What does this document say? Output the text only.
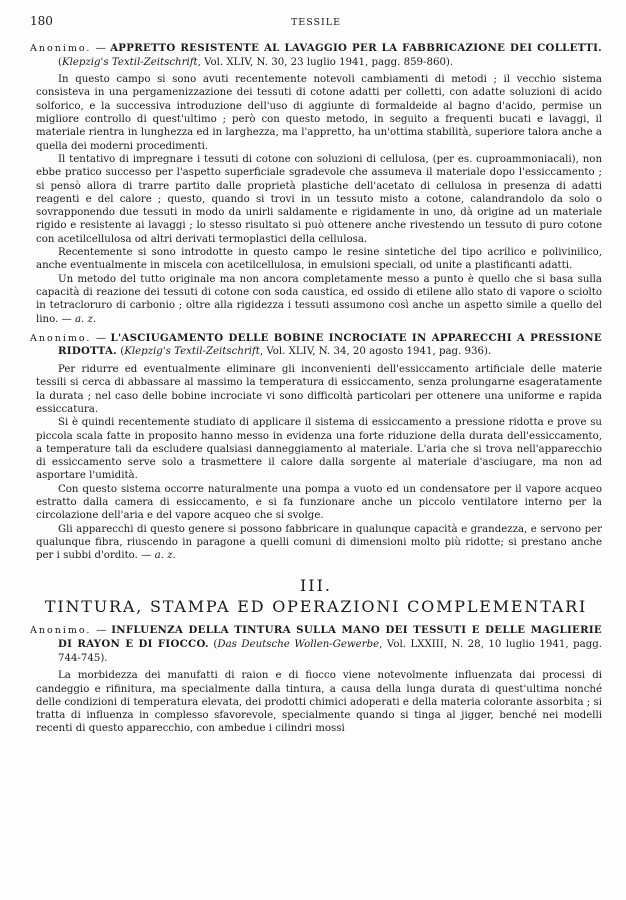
180	TESSILE
Anonimo. — APPRETTO RESISTENTE AL LAVAGGIO PER LA FABBRICAZIONE DEI COLLETTI. (Klepzig's Textil-Zeitschrift, Vol. XLIV, N. 30, 23 luglio 1941, pagg. 859-860).

In questo campo si sono avuti recentemente notevoli cambiamenti di metodi ; il vecchio sistema consisteva in una pergamenizzazione dei tessuti di cotone adatti per colletti, con adatte soluzioni di acido solforico, e la successiva introduzione dell'uso di aggiunte di formaldeide al bagno d'acido, permise un migliore controllo di quest'ultimo ; però con questo metodo, in seguito a frequenti bucati e lavaggi, il materiale rientra in lunghezza ed in larghezza, ma l'appretto, ha un'ottima stabilità, superiore talora anche a quella dei moderni procedimenti.

Il tentativo di impregnare i tessuti di cotone con soluzioni di cellulosa, (per es. cuproammoniacali), non ebbe pratico successo per l'aspetto superficiale sgradevole che assumeva il materiale dopo l'essiccamento ; si pensò allora di trarre partito dalle proprietà plastiche dell'acetato di cellulosa in presenza di adatti reagenti e del calore ; questo, quando si trovi in un tessuto misto a cotone, calandrandolo da solo o sovrapponendo due tessuti in modo da unirli saldamente e rigidamente in uno, dà origine ad un materiale rigido e resistente ai lavaggi ; lo stesso risultato si può ottenere anche rivestendo un tessuto di puro cotone con acetilcellulosa od altri derivati termoplastici della cellulosa.

Recentemente si sono introdotte in questo campo le resine sintetiche del tipo acrilico e polivinilico, anche eventualmente in miscela con acetilcellulosa, in emulsioni speciali, od unite a plastificanti adatti.

Un metodo del tutto originale ma non ancora completamente messo a punto è quello che si basa sulla capacità di reazione dei tessuti di cotone con soda caustica, ed ossido di etilene allo stato di vapore o sciolto in tetracloruro di carbonio ; oltre alla rigidezza i tessuti assumono così anche un aspetto simile a quello del lino. — a. z.

Anonimo. — L'ASCIUGAMENTO DELLE BOBINE INCROCIATE IN APPARECCHI A PRESSIONE RIDOTTA. (Klepzig's Textil-Zeitschrift, Vol. XLIV, N. 34, 20 agosto 1941, pag. 936).

Per ridurre ed eventualmente eliminare gli inconvenienti dell'essiccamento artificiale delle materie tessili si cerca di abbassare al massimo la temperatura di essiccamento, senza prolungarne esageratamente la durata ; nel caso delle bobine incrociate vi sono difficoltà particolari per ottenere una uniforme e rapida essiccatura.

Si è quindi recentemente studiato di applicare il sistema di essiccamento a pressione ridotta e prove su piccola scala fatte in proposito hanno messo in evidenza una forte riduzione della durata dell'essiccamento, a temperature tali da escludere qualsiasi danneggiamento al materiale. L'aria che si trova nell'apparecchio di essiccamento serve solo a trasmettere il calore dalla sorgente al materiale d'asciugare, ma non ad asportare l'umidità.

Con questo sistema occorre naturalmente una pompa a vuoto ed un condensatore per il vapore acqueo estratto dalla camera di essiccamento, e si fa funzionare anche un piccolo ventilatore interno per la circolazione dell'aria e del vapore acqueo che si svolge.

Gli apparecchi di questo genere si possono fabbricare in qualunque capacità e grandezza, e servono per qualunque fibra, riuscendo in paragone a quelli comuni di dimensioni molto più ridotte; si prestano anche per i subbi d'ordito. — a. z.

III.
TINTURA, STAMPA ED OPERAZIONI COMPLEMENTARI
Anonimo. — INFLUENZA DELLA TINTURA SULLA MANO DEI TESSUTI E DELLE MAGLIERIE DI RAYON E DI FIOCCO. (Das Deutsche Wollen-Gewerbe, Vol. LXXIII, N. 28, 10 luglio 1941, pagg. 744-745).

La morbidezza dei manufatti di raion e di fiocco viene notevolmente influenzata dai processi di candeggio e rifinitura, ma specialmente dalla tintura, a causa della lunga durata di quest'ultima nonché delle condizioni di temperatura elevata, dei prodotti chimici adoperati e della materia colorante assorbita ; si tratta di influenza in complesso sfavorevole, specialmente quando si tinga al jigger, benché nei modelli recenti di questo apparecchio, con ambedue i cilindri mossi
